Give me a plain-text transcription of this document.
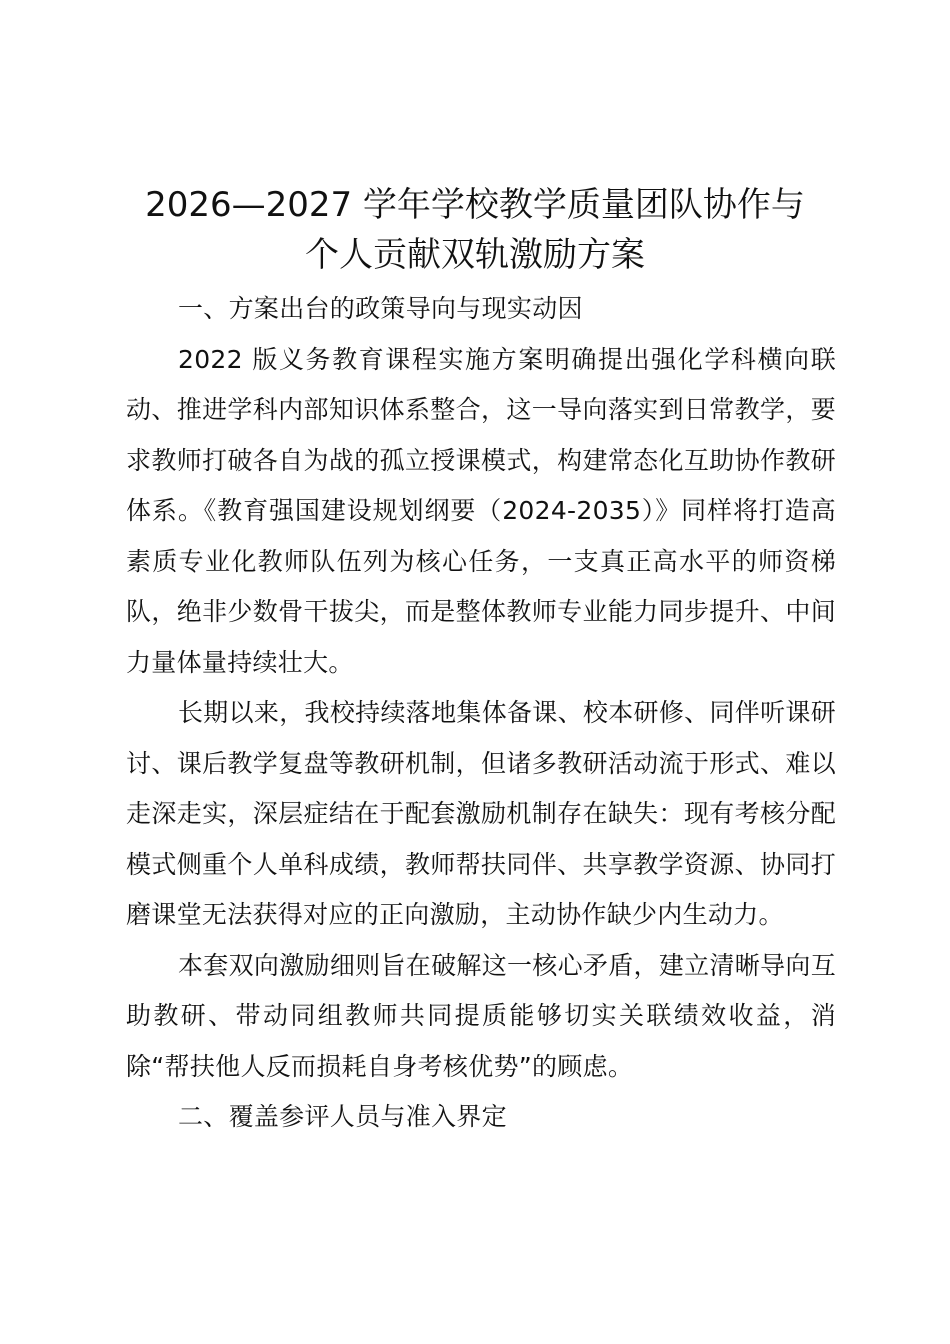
2026—2027 学年学校教学质量团队协作与
个人贡献双轨激励方案

一、方案出台的政策导向与现实动因

2022 版义务教育课程实施方案明确提出强化学科横向联动、推进学科内部知识体系整合，这一导向落实到日常教学，要求教师打破各自为战的孤立授课模式，构建常态化互助协作教研体系。《教育强国建设规划纲要（2024-2035）》同样将打造高素质专业化教师队伍列为核心任务，一支真正高水平的师资梯队，绝非少数骨干拔尖，而是整体教师专业能力同步提升、中间力量体量持续壮大。

长期以来，我校持续落地集体备课、校本研修、同伴听课研讨、课后教学复盘等教研机制，但诸多教研活动流于形式、难以走深走实，深层症结在于配套激励机制存在缺失：现有考核分配模式侧重个人单科成绩，教师帮扶同伴、共享教学资源、协同打磨课堂无法获得对应的正向激励，主动协作缺少内生动力。

本套双向激励细则旨在破解这一核心矛盾，建立清晰导向互助教研、带动同组教师共同提质能够切实关联绩效收益，消除“帮扶他人反而损耗自身考核优势”的顾虑。

二、覆盖参评人员与准入界定
